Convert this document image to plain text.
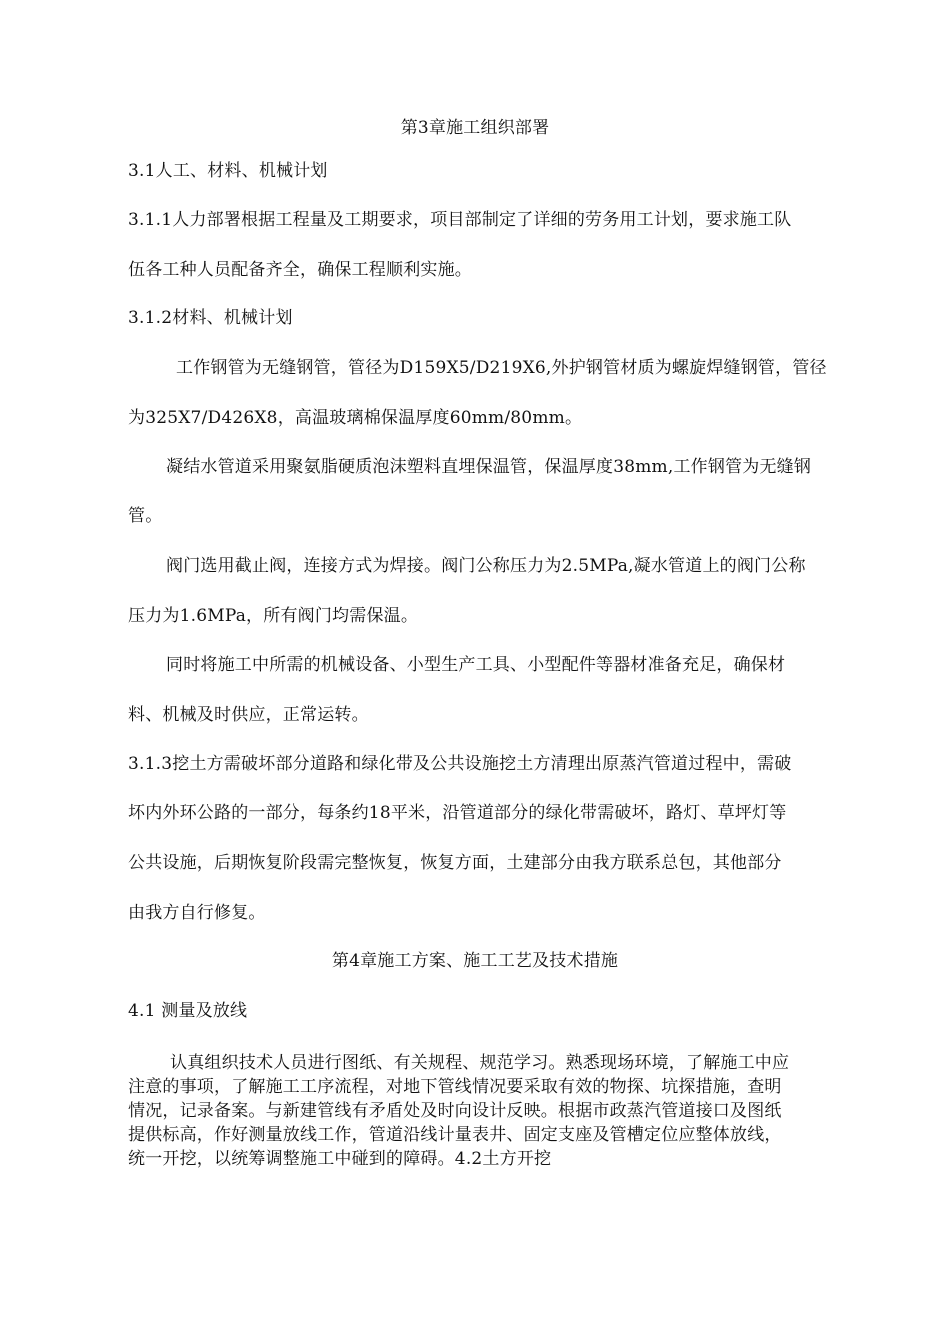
第3章施工组织部署
3.1人工、材料、机械计划
3.1.1人力部署根据工程量及工期要求，项目部制定了详细的劳务用工计划，要求施工队
伍各工种人员配备齐全，确保工程顺利实施。
3.1.2材料、机械计划
工作钢管为无缝钢管，管径为D159X5/D219X6,外护钢管材质为螺旋焊缝钢管，管径
为325X7/D426X8，高温玻璃棉保温厚度60mm/80mm。
凝结水管道采用聚氨脂硬质泡沫塑料直埋保温管，保温厚度38mm,工作钢管为无缝钢
管。
阀门选用截止阀，连接方式为焊接。阀门公称压力为2.5MPa,凝水管道上的阀门公称
压力为1.6MPa，所有阀门均需保温。
同时将施工中所需的机械设备、小型生产工具、小型配件等器材准备充足，确保材
料、机械及时供应，正常运转。
3.1.3挖土方需破坏部分道路和绿化带及公共设施挖土方清理出原蒸汽管道过程中，需破
坏内外环公路的一部分，每条约18平米，沿管道部分的绿化带需破坏，路灯、草坪灯等
公共设施，后期恢复阶段需完整恢复，恢复方面，土建部分由我方联系总包，其他部分
由我方自行修复。
第4章施工方案、施工工艺及技术措施
4.1 测量及放线
认真组织技术人员进行图纸、有关规程、规范学习。熟悉现场环境，了解施工中应
注意的事项，了解施工工序流程，对地下管线情况要采取有效的物探、坑探措施，查明
情况，记录备案。与新建管线有矛盾处及时向设计反映。根据市政蒸汽管道接口及图纸
提供标高，作好测量放线工作，管道沿线计量表井、固定支座及管槽定位应整体放线，
统一开挖，以统筹调整施工中碰到的障碍。4.2土方开挖
